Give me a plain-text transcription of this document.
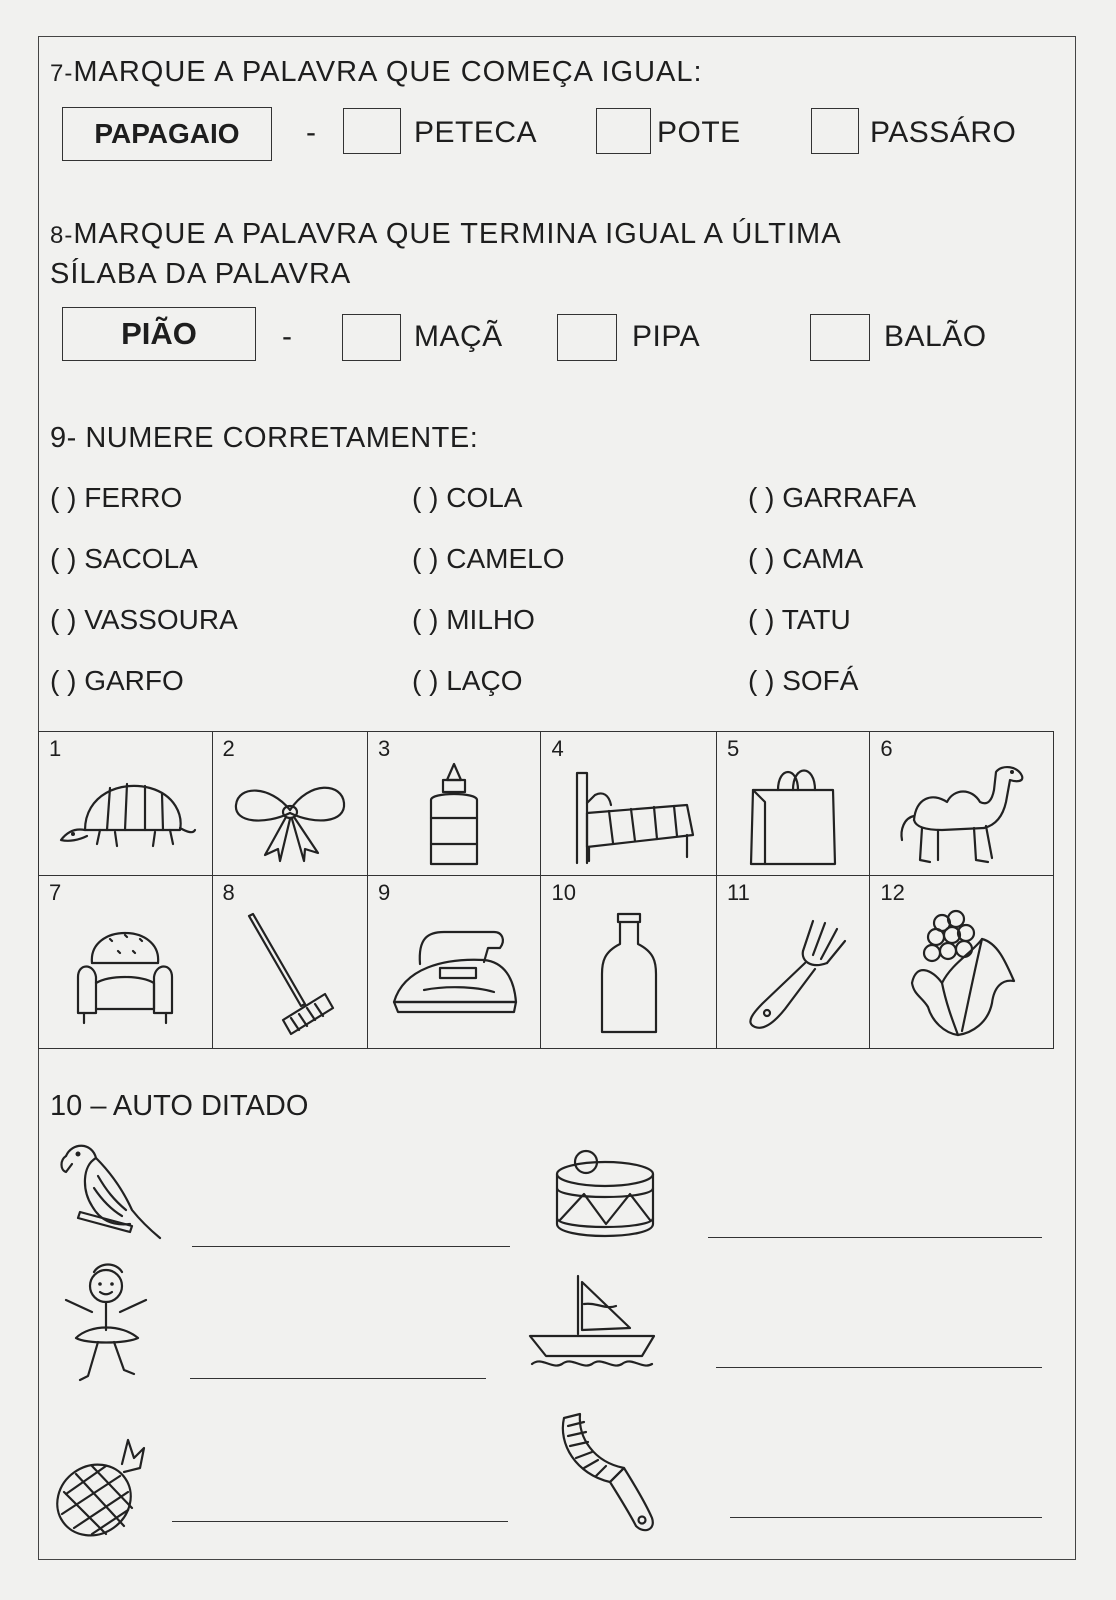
7-MARQUE A PALAVRA QUE COMEÇA IGUAL:
PAPAGAIO	-	PETECA	POTE	PASSÁRO
8-MARQUE A PALAVRA QUE TERMINA IGUAL A ÚLTIMA
SÍLABA DA PALAVRA
PIÃO	-	MAÇÃ	PIPA	BALÃO
9- NUMERE CORRETAMENTE:
( ) FERRO
( ) SACOLA
( ) VASSOURA
( ) GARFO
( ) COLA
( ) CAMELO
( ) MILHO
( ) LAÇO
( ) GARRAFA
( ) CAMA
( ) TATU
( ) SOFÁ
1	2	3	4	5	6

7	8	9	10	11	12
10 – AUTO DITADO
